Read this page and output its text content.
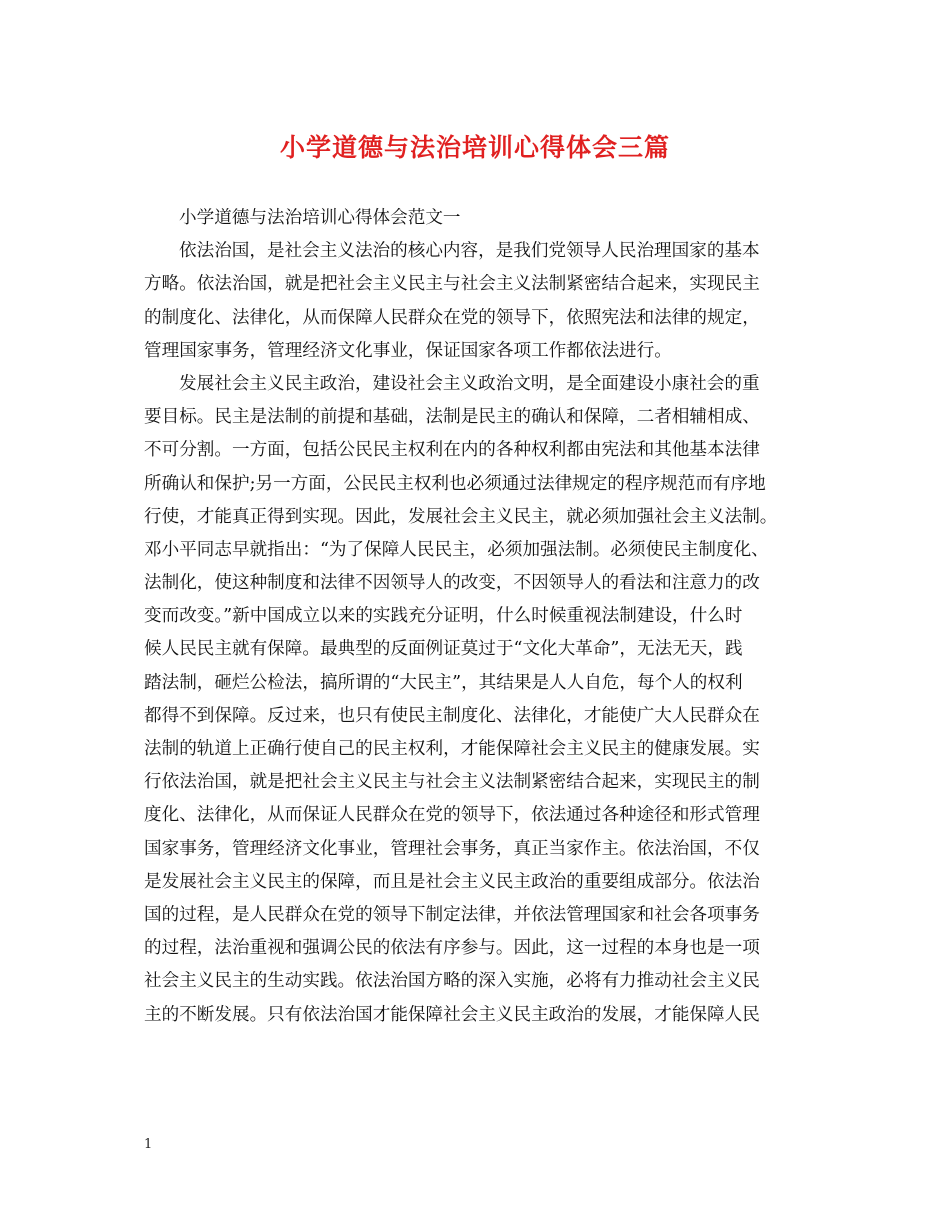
小学道德与法治培训心得体会三篇
小学道德与法治培训心得体会范文一
依法治国，是社会主义法治的核心内容，是我们党领导人民治理国家的基本
方略。依法治国，就是把社会主义民主与社会主义法制紧密结合起来，实现民主
的制度化、法律化，从而保障人民群众在党的领导下，依照宪法和法律的规定，
管理国家事务，管理经济文化事业，保证国家各项工作都依法进行。
发展社会主义民主政治，建设社会主义政治文明，是全面建设小康社会的重
要目标。民主是法制的前提和基础，法制是民主的确认和保障，二者相辅相成、
不可分割。一方面，包括公民民主权利在内的各种权利都由宪法和其他基本法律
所确认和保护;另一方面，公民民主权利也必须通过法律规定的程序规范而有序地
行使，才能真正得到实现。因此，发展社会主义民主，就必须加强社会主义法制。
邓小平同志早就指出：“为了保障人民民主，必须加强法制。必须使民主制度化、
法制化，使这种制度和法律不因领导人的改变，不因领导人的看法和注意力的改
变而改变。”新中国成立以来的实践充分证明，什么时候重视法制建设，什么时
候人民民主就有保障。最典型的反面例证莫过于“文化大革命”，无法无天，践
踏法制，砸烂公检法，搞所谓的“大民主”，其结果是人人自危，每个人的权利
都得不到保障。反过来，也只有使民主制度化、法律化，才能使广大人民群众在
法制的轨道上正确行使自己的民主权利，才能保障社会主义民主的健康发展。实
行依法治国，就是把社会主义民主与社会主义法制紧密结合起来，实现民主的制
度化、法律化，从而保证人民群众在党的领导下，依法通过各种途径和形式管理
国家事务，管理经济文化事业，管理社会事务，真正当家作主。依法治国，不仅
是发展社会主义民主的保障，而且是社会主义民主政治的重要组成部分。依法治
国的过程，是人民群众在党的领导下制定法律，并依法管理国家和社会各项事务
的过程，法治重视和强调公民的依法有序参与。因此，这一过程的本身也是一项
社会主义民主的生动实践。依法治国方略的深入实施，必将有力推动社会主义民
主的不断发展。只有依法治国才能保障社会主义民主政治的发展，才能保障人民
1
